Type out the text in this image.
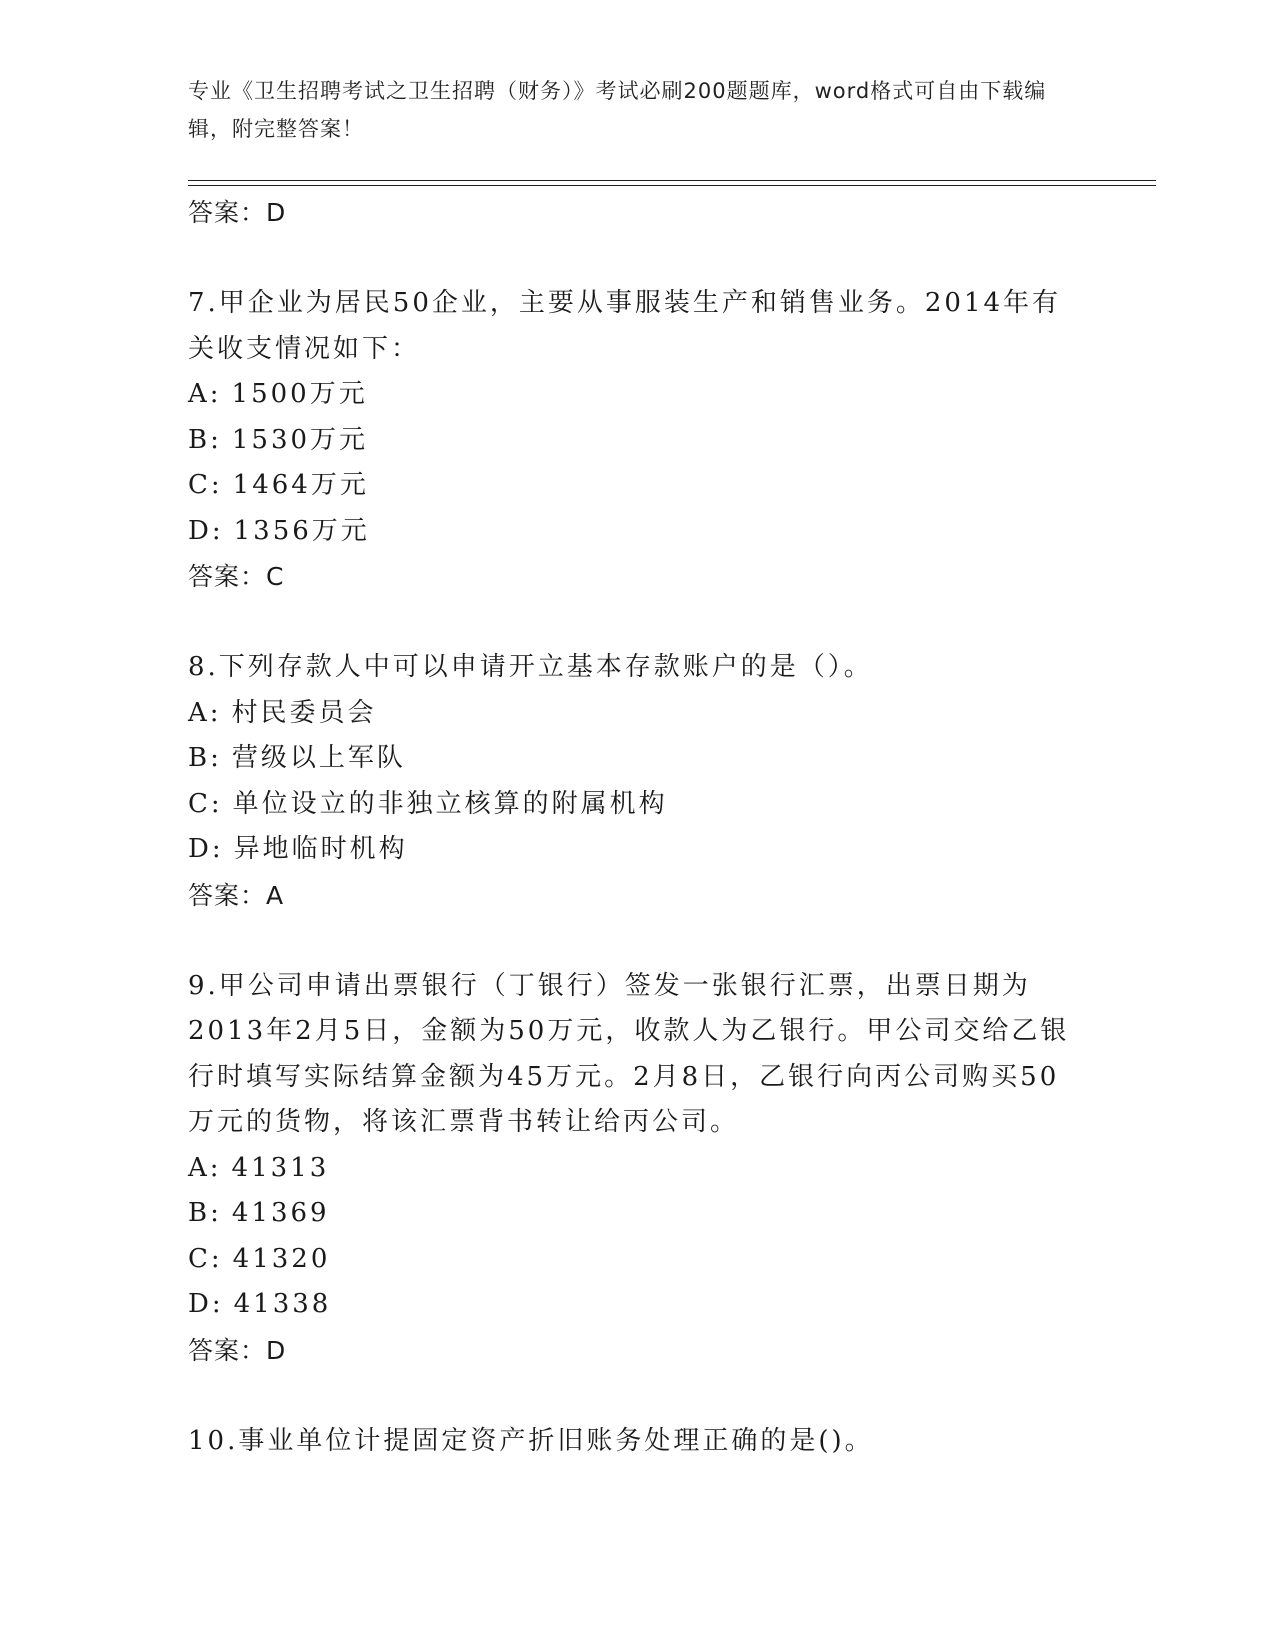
专业《卫生招聘考试之卫生招聘（财务）》考试必刷200题题库，word格式可自由下载编辑，附完整答案！
答案：D
7.甲企业为居民50企业，主要从事服装生产和销售业务。2014年有关收支情况如下：
A: 1500万元
B: 1530万元
C: 1464万元
D: 1356万元
答案：C
8.下列存款人中可以申请开立基本存款账户的是（）。
A: 村民委员会
B: 营级以上军队
C: 单位设立的非独立核算的附属机构
D: 异地临时机构
答案：A
9.甲公司申请出票银行（丁银行）签发一张银行汇票，出票日期为2013年2月5日，金额为50万元，收款人为乙银行。甲公司交给乙银行时填写实际结算金额为45万元。2月8日，乙银行向丙公司购买50万元的货物，将该汇票背书转让给丙公司。
A: 41313
B: 41369
C: 41320
D: 41338
答案：D
10.事业单位计提固定资产折旧账务处理正确的是()。
